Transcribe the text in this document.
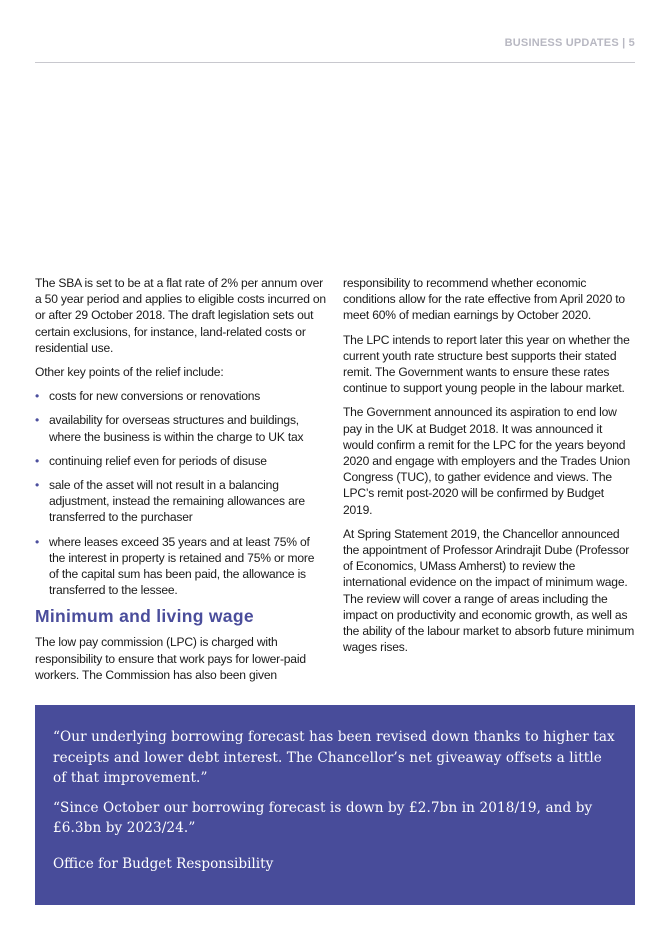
BUSINESS UPDATES | 5

The SBA is set to be at a flat rate of 2% per annum over a 50 year period and applies to eligible costs incurred on or after 29 October 2018. The draft legislation sets out certain exclusions, for instance, land-related costs or residential use.

Other key points of the relief include:

• costs for new conversions or renovations
• availability for overseas structures and buildings, where the business is within the charge to UK tax
• continuing relief even for periods of disuse
• sale of the asset will not result in a balancing adjustment, instead the remaining allowances are transferred to the purchaser
• where leases exceed 35 years and at least 75% of the interest in property is retained and 75% or more of the capital sum has been paid, the allowance is transferred to the lessee.
Minimum and living wage

The low pay commission (LPC) is charged with responsibility to ensure that work pays for lower-paid workers. The Commission has also been given

responsibility to recommend whether economic conditions allow for the rate effective from April 2020 to meet 60% of median earnings by October 2020.

The LPC intends to report later this year on whether the current youth rate structure best supports their stated remit. The Government wants to ensure these rates continue to support young people in the labour market.

The Government announced its aspiration to end low pay in the UK at Budget 2018. It was announced it would confirm a remit for the LPC for the years beyond 2020 and engage with employers and the Trades Union Congress (TUC), to gather evidence and views. The LPC’s remit post-2020 will be confirmed by Budget 2019.

At Spring Statement 2019, the Chancellor announced the appointment of Professor Arindrajit Dube (Professor of Economics, UMass Amherst) to review the international evidence on the impact of minimum wage. The review will cover a range of areas including the impact on productivity and economic growth, as well as the ability of the labour market to absorb future minimum wages rises.

“Our underlying borrowing forecast has been revised down thanks to higher tax receipts and lower debt interest. The Chancellor’s net giveaway offsets a little of that improvement.”

“Since October our borrowing forecast is down by £2.7bn in 2018/19, and by £6.3bn by 2023/24.”

Office for Budget Responsibility
